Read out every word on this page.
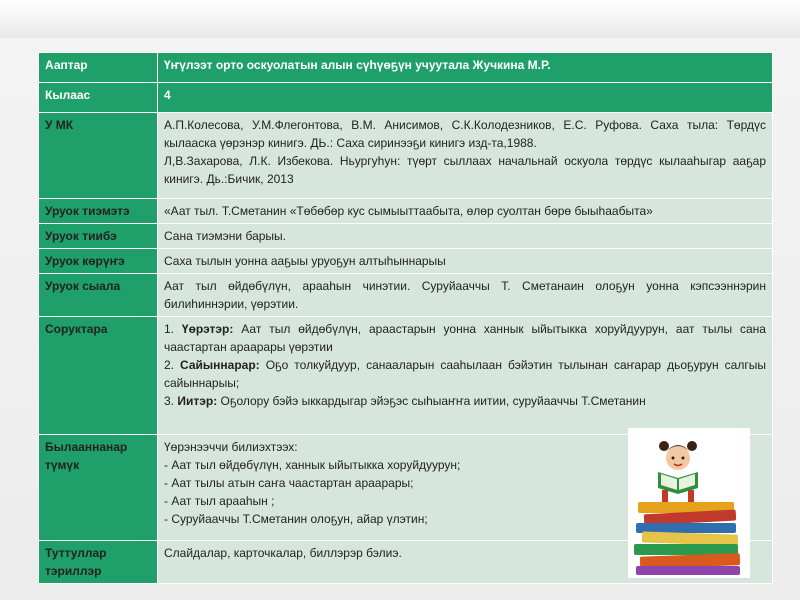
Ааптар	Үҥүлээт орто оскуолатын алын сүһүөҕүн учуутала Жучкина М.Р.
Кылаас	4
У МК	А.П.Колесова, У.М.Флегонтова, В.М. Анисимов, С.К.Колодезников, Е.С. Руфова. Саха тыла: Төрдүс кылааска үөрэнэр кинигэ. ДЬ.: Саха сиринээҕи кинигэ изд-та,1988.
Л,В.Захарова, Л.К. Избекова. Ньургуһун: түөрт сыллаах начальнай оскуола төрдүс кылааһыгар ааҕар кинигэ. Дь.:Бичик, 2013

Уруок тиэмэтэ	«Аат тыл. Т.Сметанин «Төбөбөр кус сымыыттаабыта, өлөр суолтан бөрө быыһаабыта»
Уруок тиибэ	Сана тиэмэни барыы.
Уруок көрүҥэ	Саха тылын уонна ааҕыы уруоҕун алтыһыннарыы
Уруок сыала	Аат тыл өйдөбүлүн, арааһын чинэтии. Суруйааччы Т. Сметанаин олоҕун уонна кэпсээннэрин билиһиннэрии, үөрэтии.
Соруктара	1. Үөрэтэр: Аат тыл өйдөбүлүн, араастарын уонна ханнык ыйытыкка хоруйдуурун, аат тылы сана чаастартан араарары үөрэтии
2. Сайыннарар: Оҕо толкуйдуур, санааларын сааһылаан бэйэтин тылынан саҥарар дьоҕурун салгыы сайыннарыы;
3. Иитэр: Оҕолору бэйэ ыккардыгар эйэҕэс сыһыаҥҥа иитии, суруйааччы Т.Сметанин

Былааннанар түмүк	Үөрэнээччи билиэхтээх:
- Аат тыл өйдөбүлүн, ханнык ыйытыкка хоруйдуурун;
- Аат тылы атын саҥа чаастартан араарары;
- Аат тыл арааһын ;
- Суруйааччы Т.Сметанин олоҕун, айар үлэтин;

Туттуллар тэриллэр	Слайдалар, карточкалар, биллэрэр бэлиэ.
